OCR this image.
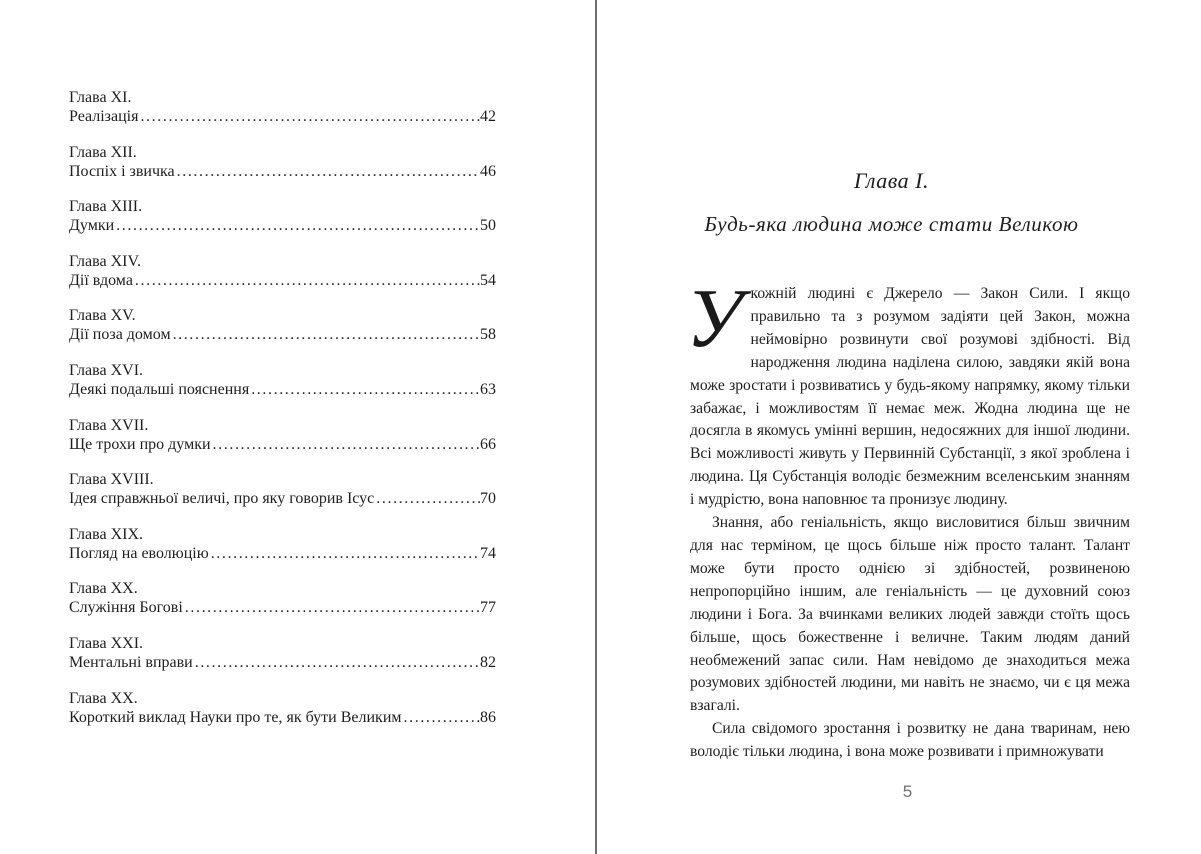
Глава XI.
Реалізація . . .	42
Глава XII.
Поспіх і звичка . . .	46
Глава XIII.
Думки . . .	50
Глава XIV.
Дії вдома . . .	54
Глава XV.
Дії поза домом . . .	58
Глава XVI.
Деякі подальші пояснення . . .	63
Глава XVII.
Ще трохи про думки . . .	66
Глава XVIII.
Ідея справжньої величі, про яку говорив Ісус . . .	70
Глава XIX.
Погляд на еволюцію . . .	74
Глава XX.
Служіння Богові . . .	77
Глава XXI.
Ментальні вправи . . .	82
Глава XX.
Короткий виклад Науки про те, як бути Великим . . .	86
Глава I.
Будь-яка людина може стати Великою

Укожній людині є Джерело — Закон Сили. І якщо правильно та з розумом задіяти цей Закон, можна неймовірно розвинути свої розумові здібності. Від народження людина наділена силою, завдяки якій вона може зростати і розвиватись у будь-якому напрямку, якому тільки забажає, і можливостям її немає меж. Жодна людина ще не досягла в якомусь умінні вершин, недосяжних для іншої людини. Всі можливості живуть у Первинній Субстанції, з якої зроблена і людина. Ця Субстанція володіє безмежним вселенським знанням і мудрістю, вона наповнює та пронизує людину.

Знання, або геніальність, якщо висловитися більш звичним для нас терміном, це щось більше ніж просто талант. Талант може бути просто однією зі здібностей, розвиненою непропорційно іншим, але геніальність — це духовний союз людини і Бога. За вчинками великих людей завжди стоїть щось більше, щось божественне і величне. Таким людям даний необмежений запас сили. Нам невідомо де знаходиться межа розумових здібностей людини, ми навіть не знаємо, чи є ця межа взагалі.

Сила свідомого зростання і розвитку не дана тваринам, нею володіє тільки людина, і вона може розвивати і примножувати

5
